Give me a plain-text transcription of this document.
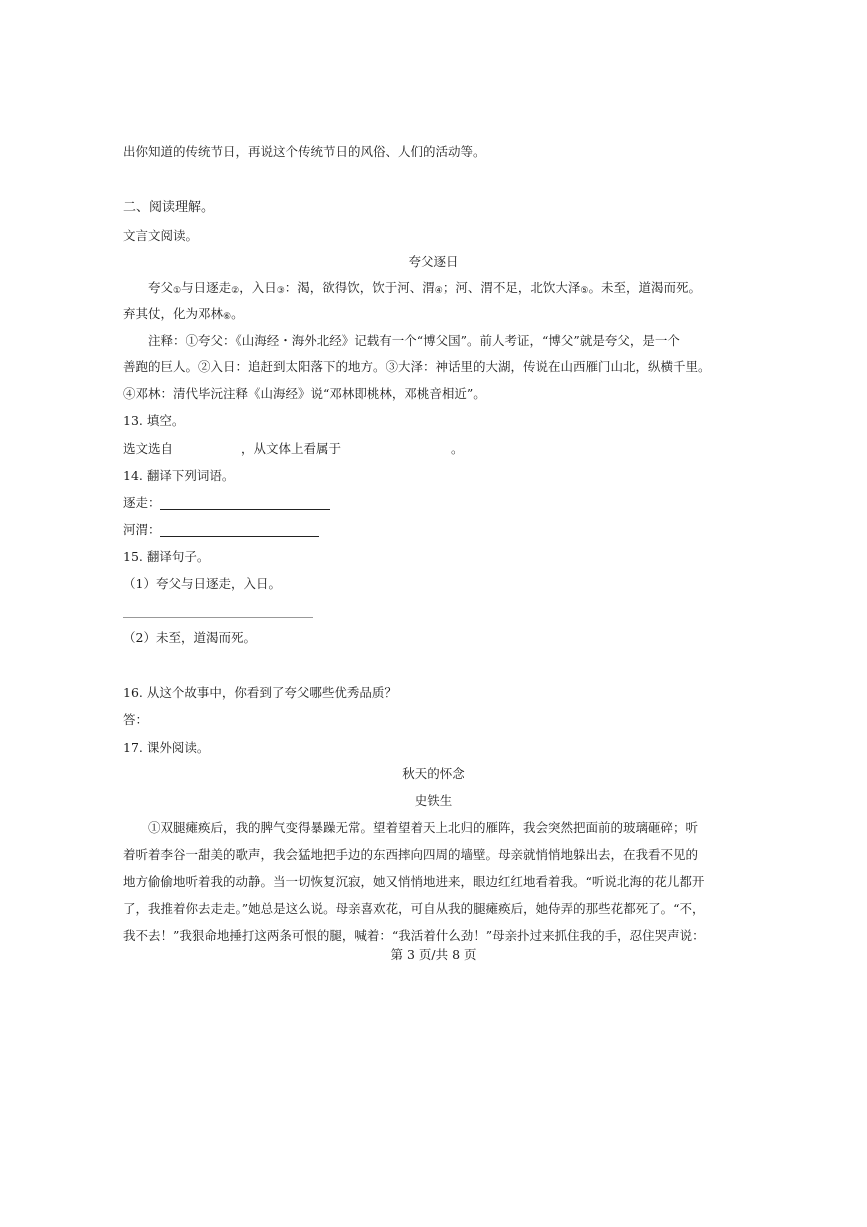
出你知道的传统节日，再说这个传统节日的风俗、人们的活动等。
二、阅读理解。
文言文阅读。
夸父逐日
夸父①与日逐走②，入日③：渴，欲得饮，饮于河、渭④；河、渭不足，北饮大泽⑤。未至，道渴而死。
弃其仗，化为邓林⑥。
注释：①夸父：《山海经・海外北经》记载有一个“博父国”。前人考证，“博父”就是夸父，是一个
善跑的巨人。②入日：追赶到太阳落下的地方。③大泽：神话里的大湖，传说在山西雁门山北，纵横千里。
④邓林：清代毕沅注释《山海经》说“邓林即桃林，邓桃音相近”。
13. 填空。
选文选自	，从文体上看属于	。
14. 翻译下列词语。
逐走：
河渭：
15. 翻译句子。
（1）夸父与日逐走，入日。
（2）未至，道渴而死。
16. 从这个故事中，你看到了夸父哪些优秀品质？
答：
17. 课外阅读。
秋天的怀念
史铁生
①双腿瘫痪后，我的脾气变得暴躁无常。望着望着天上北归的雁阵，我会突然把面前的玻璃砸碎；听
着听着李谷一甜美的歌声，我会猛地把手边的东西摔向四周的墙壁。母亲就悄悄地躲出去，在我看不见的
地方偷偷地听着我的动静。当一切恢复沉寂，她又悄悄地进来，眼边红红地看着我。“听说北海的花儿都开
了，我推着你去走走。”她总是这么说。母亲喜欢花，可自从我的腿瘫痪后，她侍弄的那些花都死了。“不，
我不去！”我狠命地捶打这两条可恨的腿，喊着：“我活着什么劲！”母亲扑过来抓住我的手，忍住哭声说：
第 3 页/共 8 页
